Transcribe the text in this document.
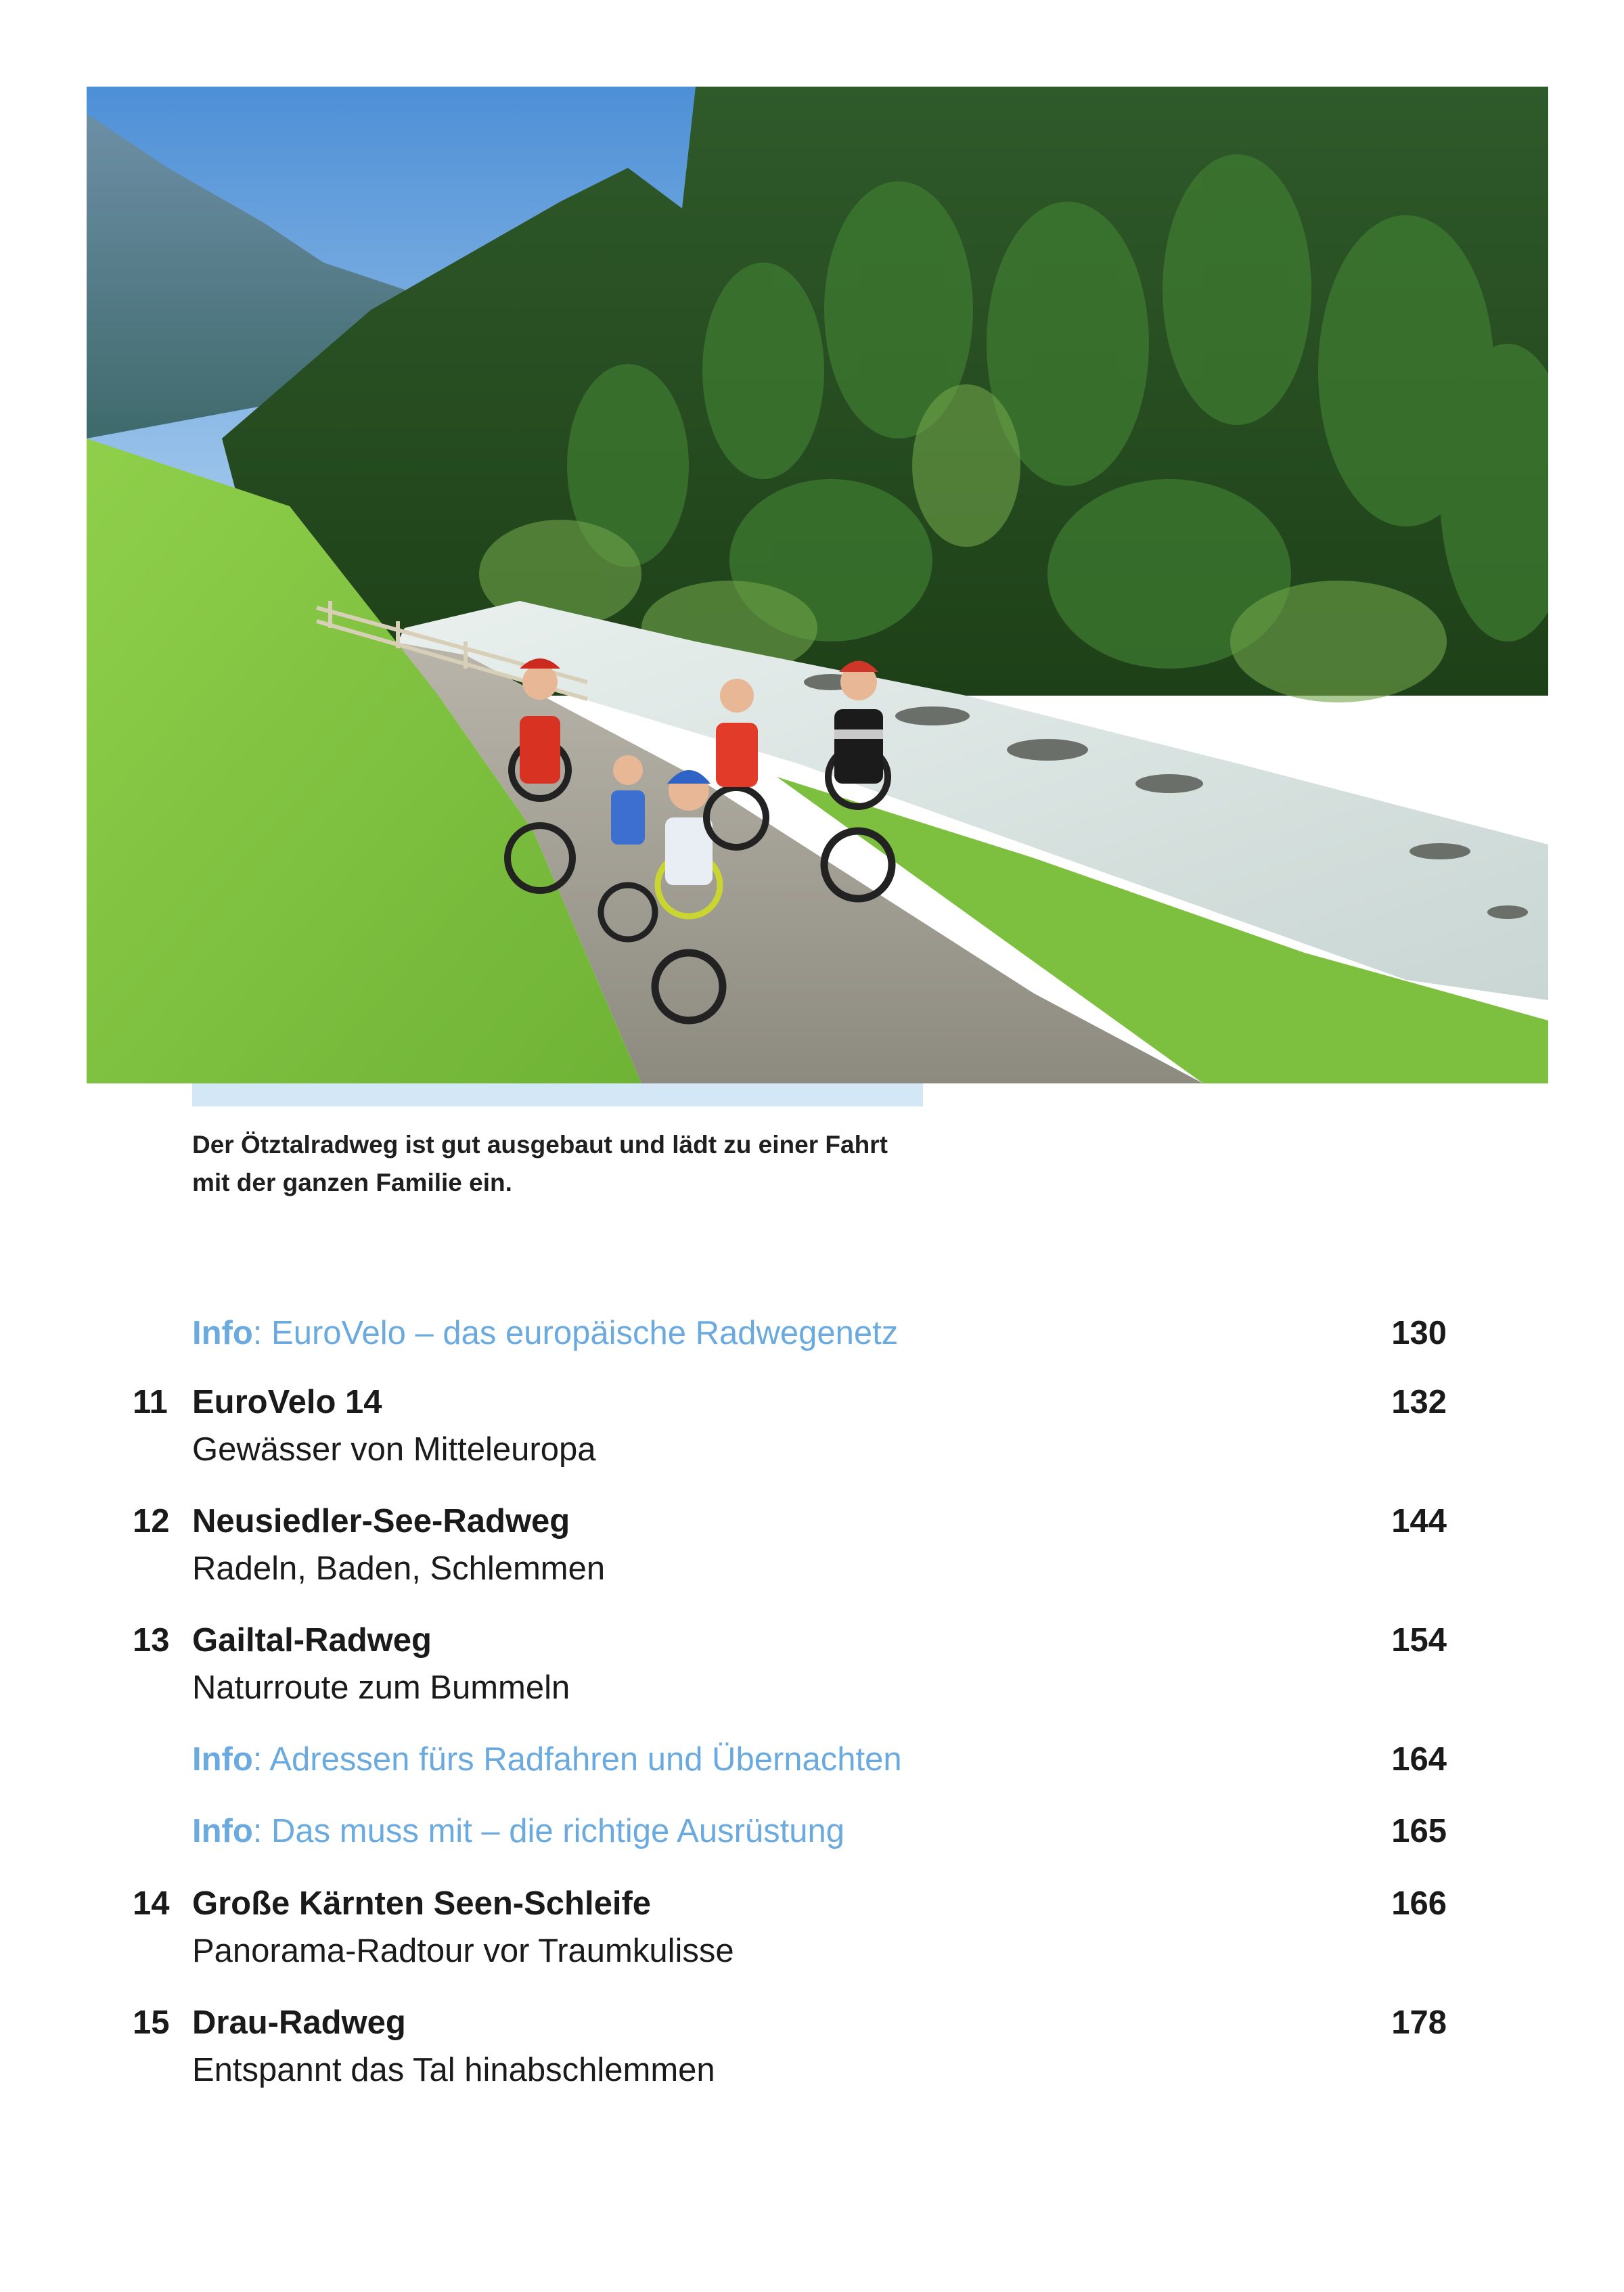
Der Ötztalradweg ist gut ausgebaut und lädt zu einer Fahrt
mit der ganzen Familie ein.
Info: EuroVelo – das europäische Radwegenetz	130
11 EuroVelo 14	132
Gewässer von Mitteleuropa
12 Neusiedler-See-Radweg	144
Radeln, Baden, Schlemmen
13 Gailtal-Radweg	154
Naturroute zum Bummeln
Info: Adressen fürs Radfahren und Übernachten	164
Info: Das muss mit – die richtige Ausrüstung	165
14 Große Kärnten Seen-Schleife	166
Panorama-Radtour vor Traumkulisse
15 Drau-Radweg	178
Entspannt das Tal hinabschlemmen
